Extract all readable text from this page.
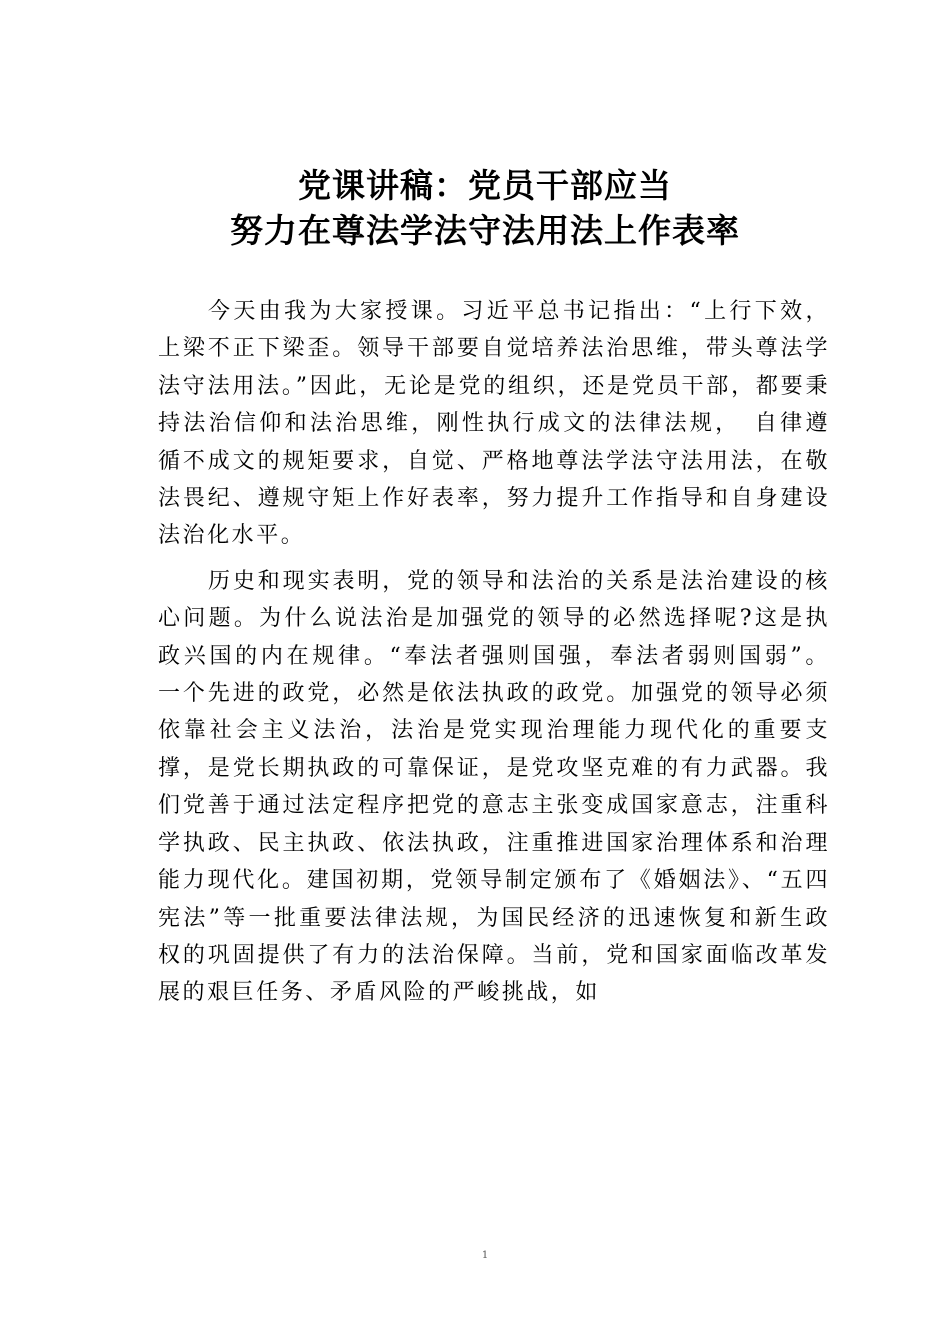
党课讲稿：党员干部应当
努力在尊法学法守法用法上作表率

今天由我为大家授课。习近平总书记指出：“上行下效，上梁不正下梁歪。领导干部要自觉培养法治思维，带头尊法学法守法用法。”因此，无论是党的组织，还是党员干部，都要秉持法治信仰和法治思维，刚性执行成文的法律法规，　自律遵循不成文的规矩要求，自觉、严格地尊法学法守法用法，在敬法畏纪、遵规守矩上作好表率，努力提升工作指导和自身建设法治化水平。

历史和现实表明，党的领导和法治的关系是法治建设的核心问题。为什么说法治是加强党的领导的必然选择呢?这是执政兴国的内在规律。“奉法者强则国强，奉法者弱则国弱”。 一个先进的政党，必然是依法执政的政党。加强党的领导必须依靠社会主义法治，法治是党实现治理能力现代化的重要支撑，是党长期执政的可靠保证，是党攻坚克难的有力武器。我们党善于通过法定程序把党的意志主张变成国家意志，注重科学执政、民主执政、依法执政，注重推进国家治理体系和治理能力现代化。建国初期，党领导制定颁布了《婚姻法》、“五四宪法”等一批重要法律法规，为国民经济的迅速恢复和新生政权的巩固提供了有力的法治保障。当前，党和国家面临改革发展的艰巨任务、矛盾风险的严峻挑战，如

1
